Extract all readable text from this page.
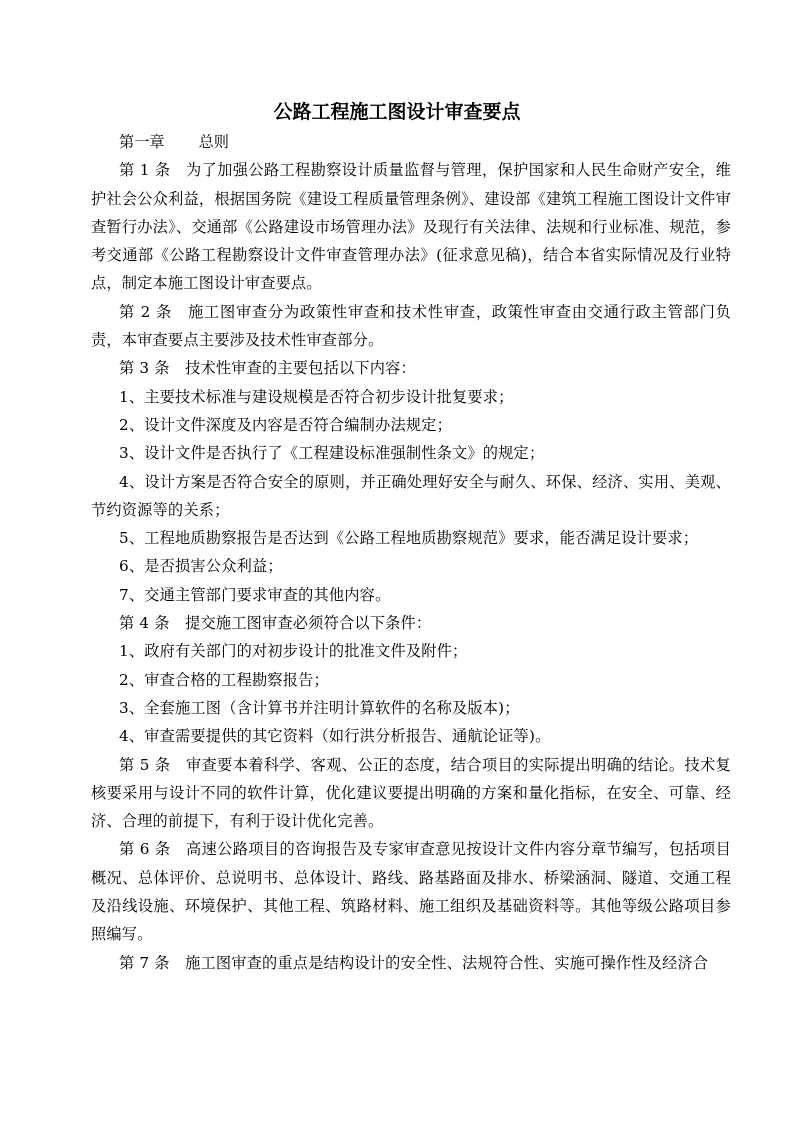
公路工程施工图设计审查要点

第一章 总则

第 1 条　为了加强公路工程勘察设计质量监督与管理，保护国家和人民生命财产安全，维护社会公众利益，根据国务院《建设工程质量管理条例》、建设部《建筑工程施工图设计文件审查暂行办法》、交通部《公路建设市场管理办法》及现行有关法律、法规和行业标准、规范，参考交通部《公路工程勘察设计文件审查管理办法》(征求意见稿)，结合本省实际情况及行业特点，制定本施工图设计审查要点。

第 2 条　施工图审查分为政策性审查和技术性审查，政策性审查由交通行政主管部门负责，本审查要点主要涉及技术性审查部分。

第 3 条　技术性审查的主要包括以下内容：

1、主要技术标准与建设规模是否符合初步设计批复要求；

2、设计文件深度及内容是否符合编制办法规定；

3、设计文件是否执行了《工程建设标准强制性条文》的规定；

4、设计方案是否符合安全的原则，并正确处理好安全与耐久、环保、经济、实用、美观、节约资源等的关系；

5、工程地质勘察报告是否达到《公路工程地质勘察规范》要求，能否满足设计要求；

6、是否损害公众利益；

7、交通主管部门要求审查的其他内容。

第 4 条　提交施工图审查必须符合以下条件：

1、政府有关部门的对初步设计的批准文件及附件；

2、审查合格的工程勘察报告；

3、全套施工图（含计算书并注明计算软件的名称及版本)；

4、审查需要提供的其它资料（如行洪分析报告、通航论证等)。

第 5 条　审查要本着科学、客观、公正的态度，结合项目的实际提出明确的结论。技术复核要采用与设计不同的软件计算，优化建议要提出明确的方案和量化指标，在安全、可靠、经济、合理的前提下，有利于设计优化完善。

第 6 条　高速公路项目的咨询报告及专家审查意见按设计文件内容分章节编写，包括项目概况、总体评价、总说明书、总体设计、路线、路基路面及排水、桥梁涵洞、隧道、交通工程及沿线设施、环境保护、其他工程、筑路材料、施工组织及基础资料等。其他等级公路项目参照编写。

第 7 条　施工图审查的重点是结构设计的安全性、法规符合性、实施可操作性及经济合
